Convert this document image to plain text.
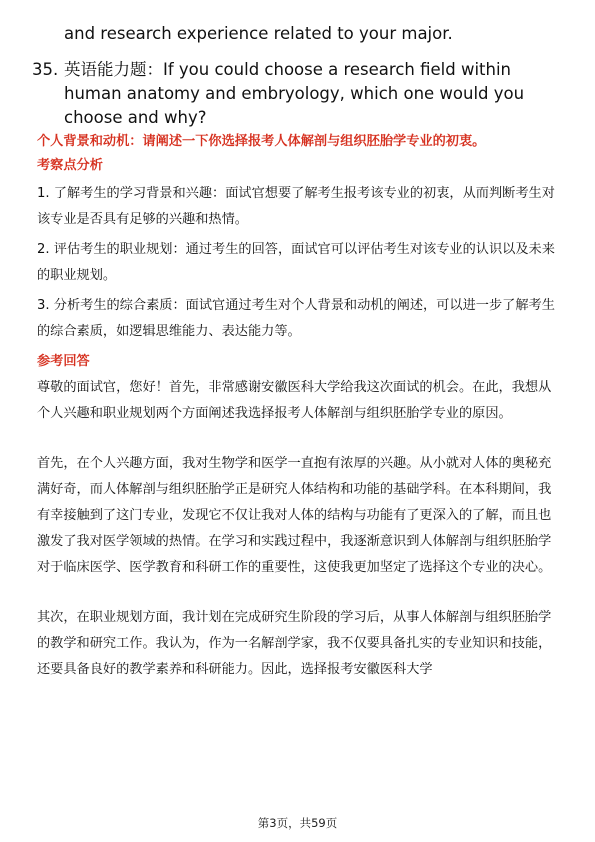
and research experience related to your major.

35. 英语能力题：If you could choose a research field within human anatomy and embryology, which one would you choose and why?
个人背景和动机：请阐述一下你选择报考人体解剖与组织胚胎学专业的初衷。
考察点分析

1. 了解考生的学习背景和兴趣：面试官想要了解考生报考该专业的初衷，从而判断考生对该专业是否具有足够的兴趣和热情。

2. 评估考生的职业规划：通过考生的回答，面试官可以评估考生对该专业的认识以及未来的职业规划。

3. 分析考生的综合素质：面试官通过考生对个人背景和动机的阐述，可以进一步了解考生的综合素质，如逻辑思维能力、表达能力等。

参考回答

尊敬的面试官，您好！首先，非常感谢安徽医科大学给我这次面试的机会。在此，我想从个人兴趣和职业规划两个方面阐述我选择报考人体解剖与组织胚胎学专业的原因。

首先，在个人兴趣方面，我对生物学和医学一直抱有浓厚的兴趣。从小就对人体的奥秘充满好奇，而人体解剖与组织胚胎学正是研究人体结构和功能的基础学科。在本科期间，我有幸接触到了这门专业，发现它不仅让我对人体的结构与功能有了更深入的了解，而且也激发了我对医学领域的热情。在学习和实践过程中，我逐渐意识到人体解剖与组织胚胎学对于临床医学、医学教育和科研工作的重要性，这使我更加坚定了选择这个专业的决心。

其次，在职业规划方面，我计划在完成研究生阶段的学习后，从事人体解剖与组织胚胎学的教学和研究工作。我认为，作为一名解剖学家，我不仅要具备扎实的专业知识和技能，还要具备良好的教学素养和科研能力。因此，选择报考安徽医科大学

第3页，共59页
